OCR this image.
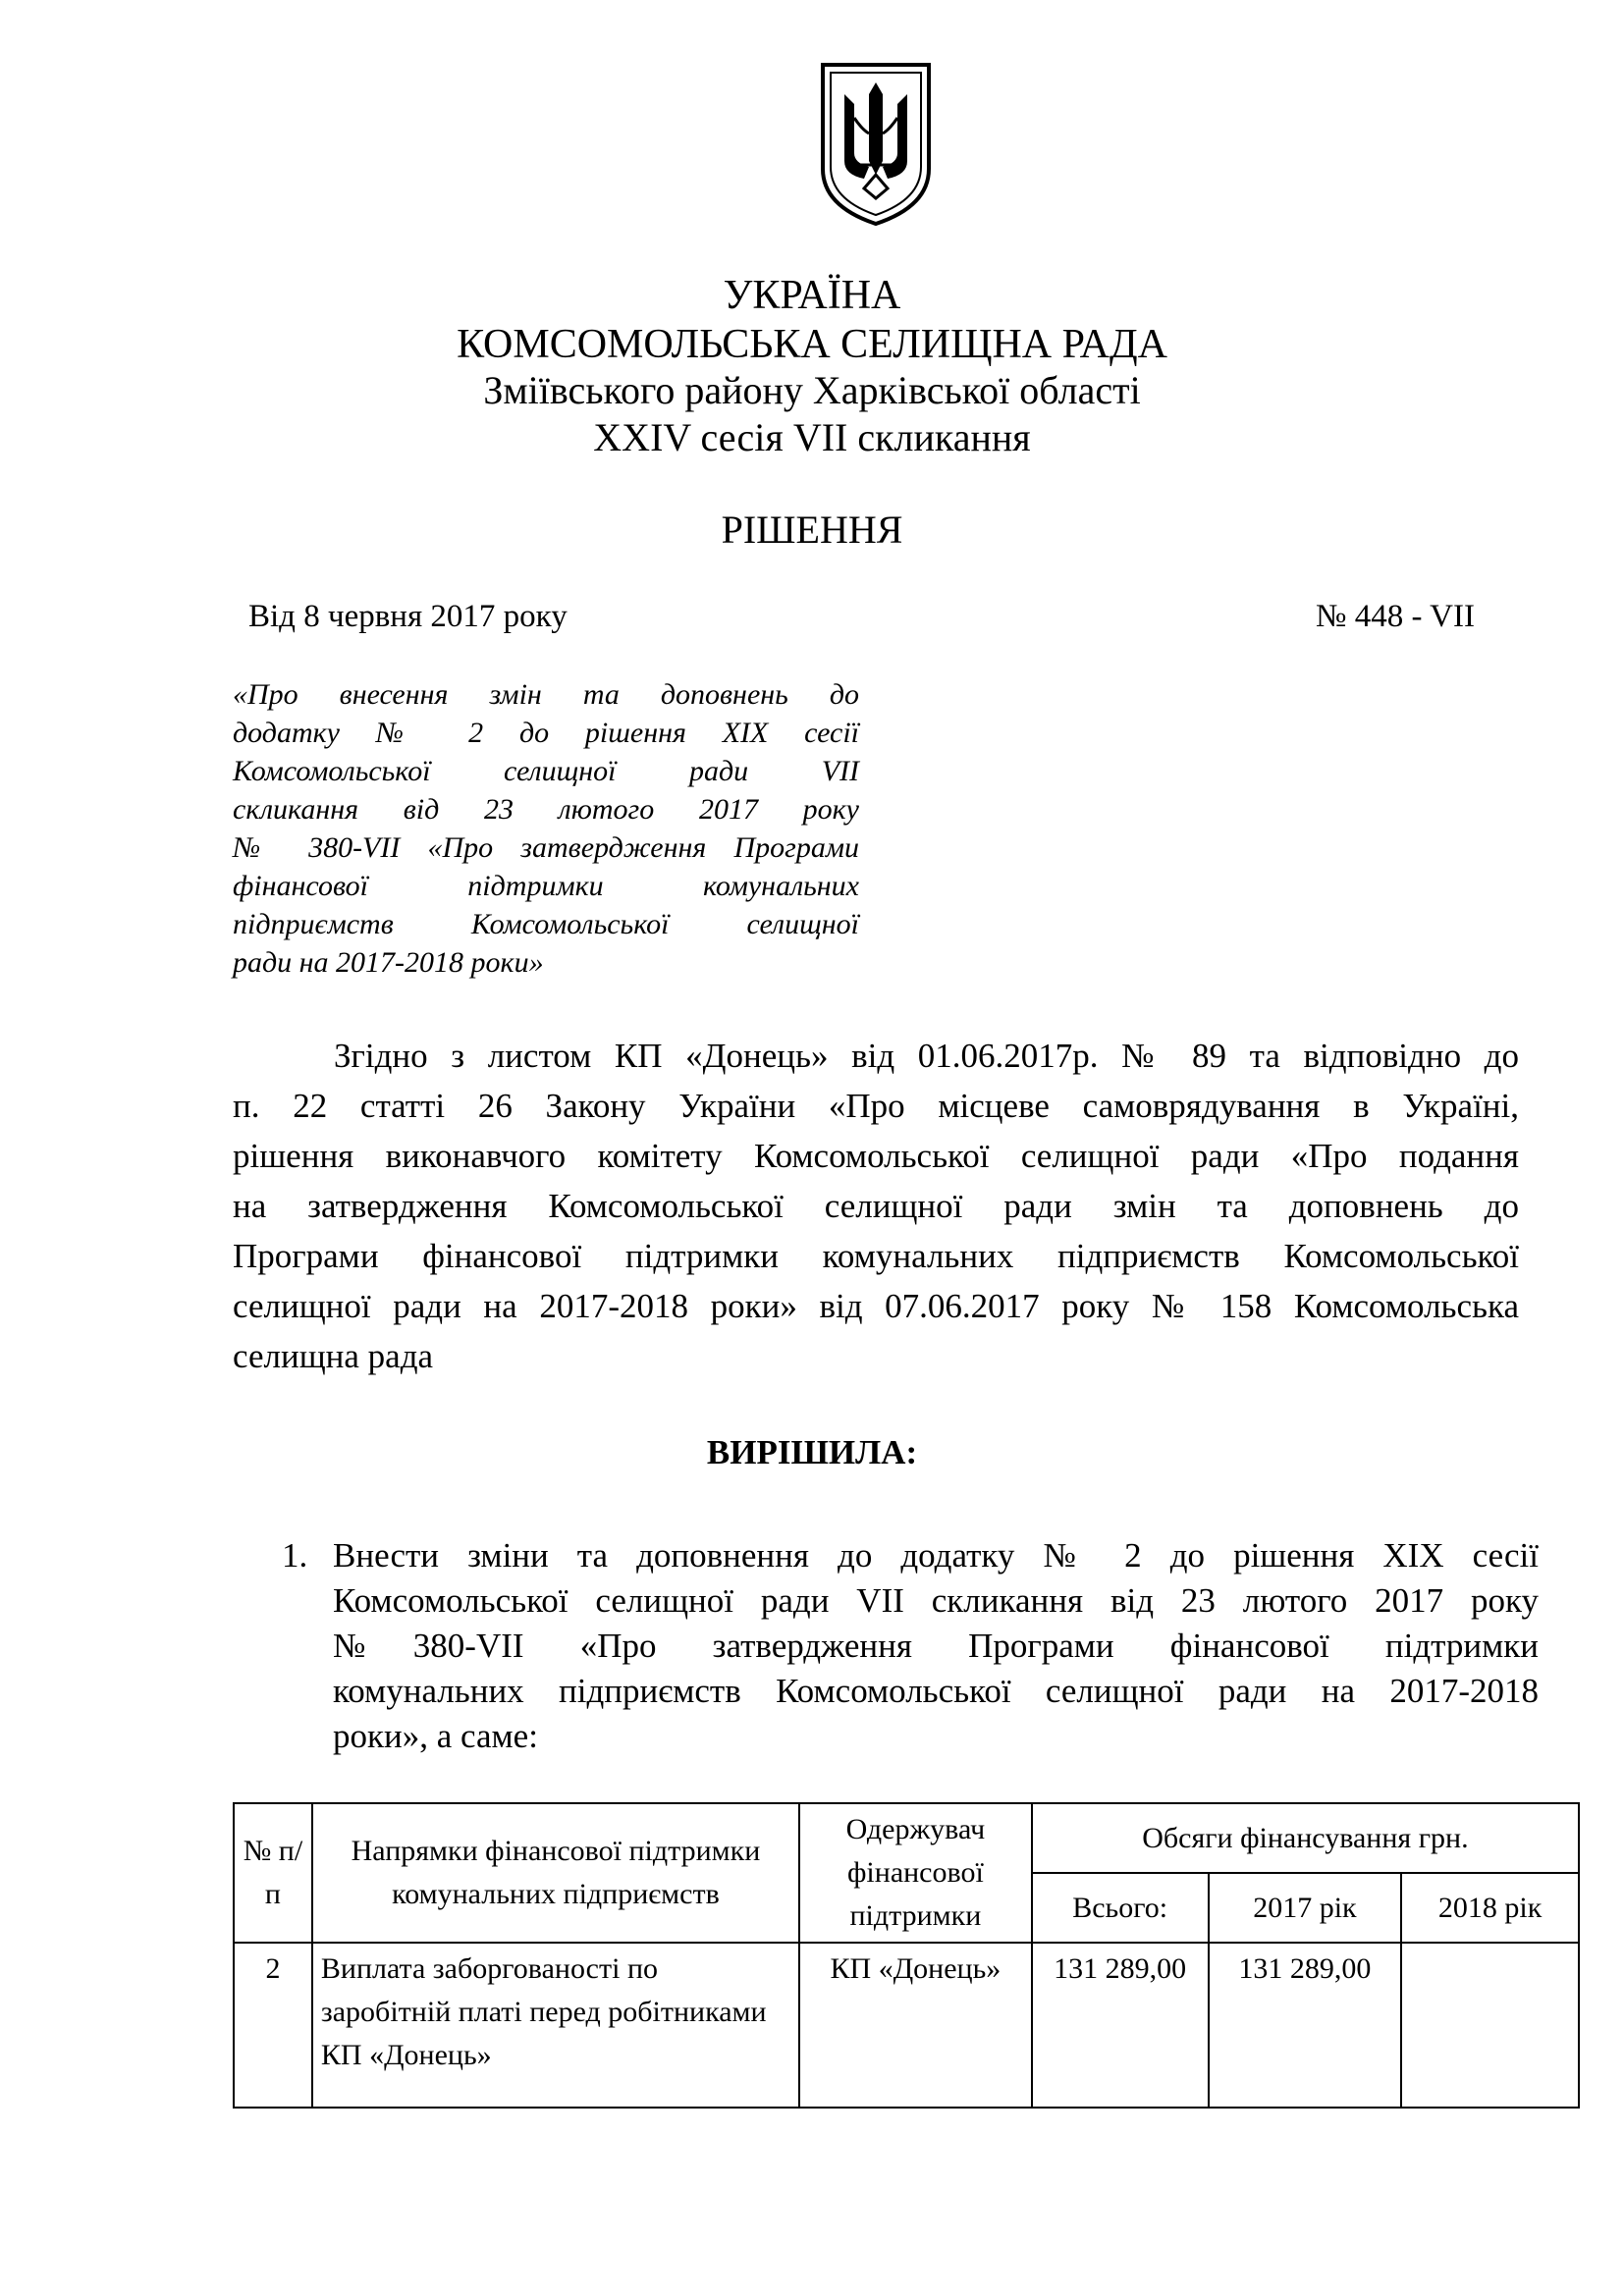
УКРАЇНА
КОМСОМОЛЬСЬКА СЕЛИЩНА РАДА
Зміївського району Харківської області
XXIV сесія VII скликання
РІШЕННЯ
Від 8 червня 2017 року	№ 448 - VII
«Про внесення змін та доповнень до
додатку № 2 до рішення XIX сесії
Комсомольської селищної ради VII
скликання від 23 лютого 2017 року
№ 380-VII «Про затвердження Програми
фінансової підтримки комунальних
підприємств Комсомольської селищної
ради на 2017-2018 роки»
Згідно з листом КП «Донець» від 01.06.2017р. № 89 та відповідно до
п. 22 статті 26 Закону України «Про місцеве самоврядування в Україні,
рішення виконавчого комітету Комсомольської селищної ради «Про подання
на затвердження Комсомольської селищної ради змін та доповнень до
Програми фінансової підтримки комунальних підприємств Комсомольської
селищної ради на 2017-2018 роки» від 07.06.2017 року № 158 Комсомольська
селищна рада
ВИРІШИЛА:
1. Внести зміни та доповнення до додатку № 2 до рішення XIX сесії
Комсомольської селищної ради VII скликання від 23 лютого 2017 року
№380-VII «Про затвердження Програми фінансової підтримки
комунальних підприємств Комсомольської селищної ради на 2017-2018
роки», а саме:
№ п/п	Напрямки фінансової підтримки комунальних підприємств	Одержувач фінансової підтримки	Обсяги фінансування грн.		
			Всього:	2017 рік	2018 рік
2	Виплата заборгованості по заробітній платі перед робітниками КП «Донець»	КП «Донець»	131 289,00	131 289,00	
